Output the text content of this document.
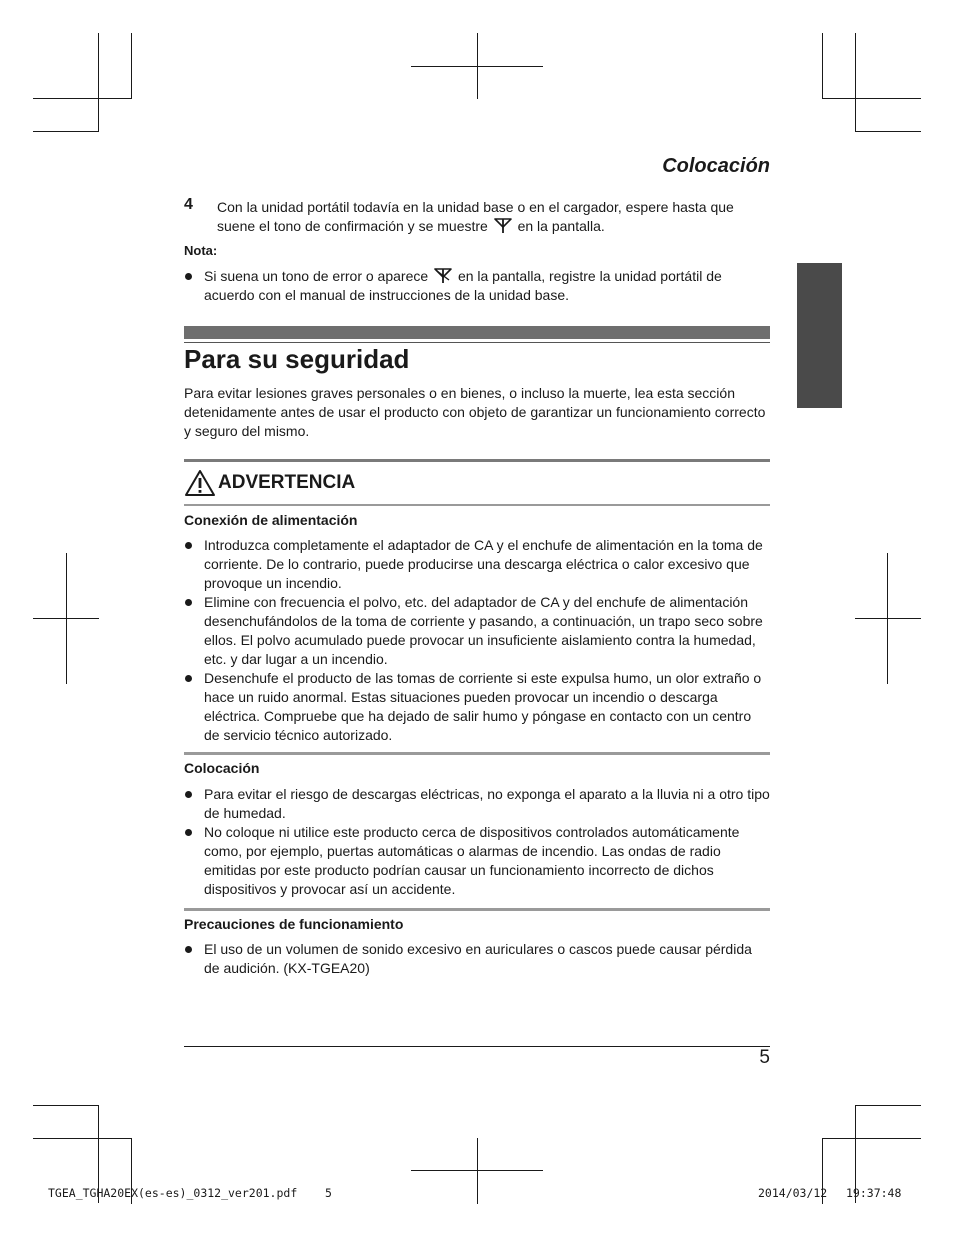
Colocación
4 Con la unidad portátil todavía en la unidad base o en el cargador, espere hasta que suene el tono de confirmación y se muestre en la pantalla.
Nota:
Si suena un tono de error o aparece en la pantalla, registre la unidad portátil de acuerdo con el manual de instrucciones de la unidad base.
Para su seguridad
Para evitar lesiones graves personales o en bienes, o incluso la muerte, lea esta sección detenidamente antes de usar el producto con objeto de garantizar un funcionamiento correcto y seguro del mismo.
ADVERTENCIA
Conexión de alimentación
Introduzca completamente el adaptador de CA y el enchufe de alimentación en la toma de corriente. De lo contrario, puede producirse una descarga eléctrica o calor excesivo que provoque un incendio.
Elimine con frecuencia el polvo, etc. del adaptador de CA y del enchufe de alimentación desenchufándolos de la toma de corriente y pasando, a continuación, un trapo seco sobre ellos. El polvo acumulado puede provocar un insuficiente aislamiento contra la humedad, etc. y dar lugar a un incendio.
Desenchufe el producto de las tomas de corriente si este expulsa humo, un olor extraño o hace un ruido anormal. Estas situaciones pueden provocar un incendio o descarga eléctrica. Compruebe que ha dejado de salir humo y póngase en contacto con un centro de servicio técnico autorizado.
Colocación
Para evitar el riesgo de descargas eléctricas, no exponga el aparato a la lluvia ni a otro tipo de humedad.
No coloque ni utilice este producto cerca de dispositivos controlados automáticamente como, por ejemplo, puertas automáticas o alarmas de incendio. Las ondas de radio emitidas por este producto podrían causar un funcionamiento incorrecto de dichos dispositivos y provocar así un accidente.
Precauciones de funcionamiento
El uso de un volumen de sonido excesivo en auriculares o cascos puede causar pérdida de audición. (KX-TGEA20)
5
TGEA_TGHA20EX(es-es)_0312_ver201.pdf    5	2014/03/12 19:37:48
